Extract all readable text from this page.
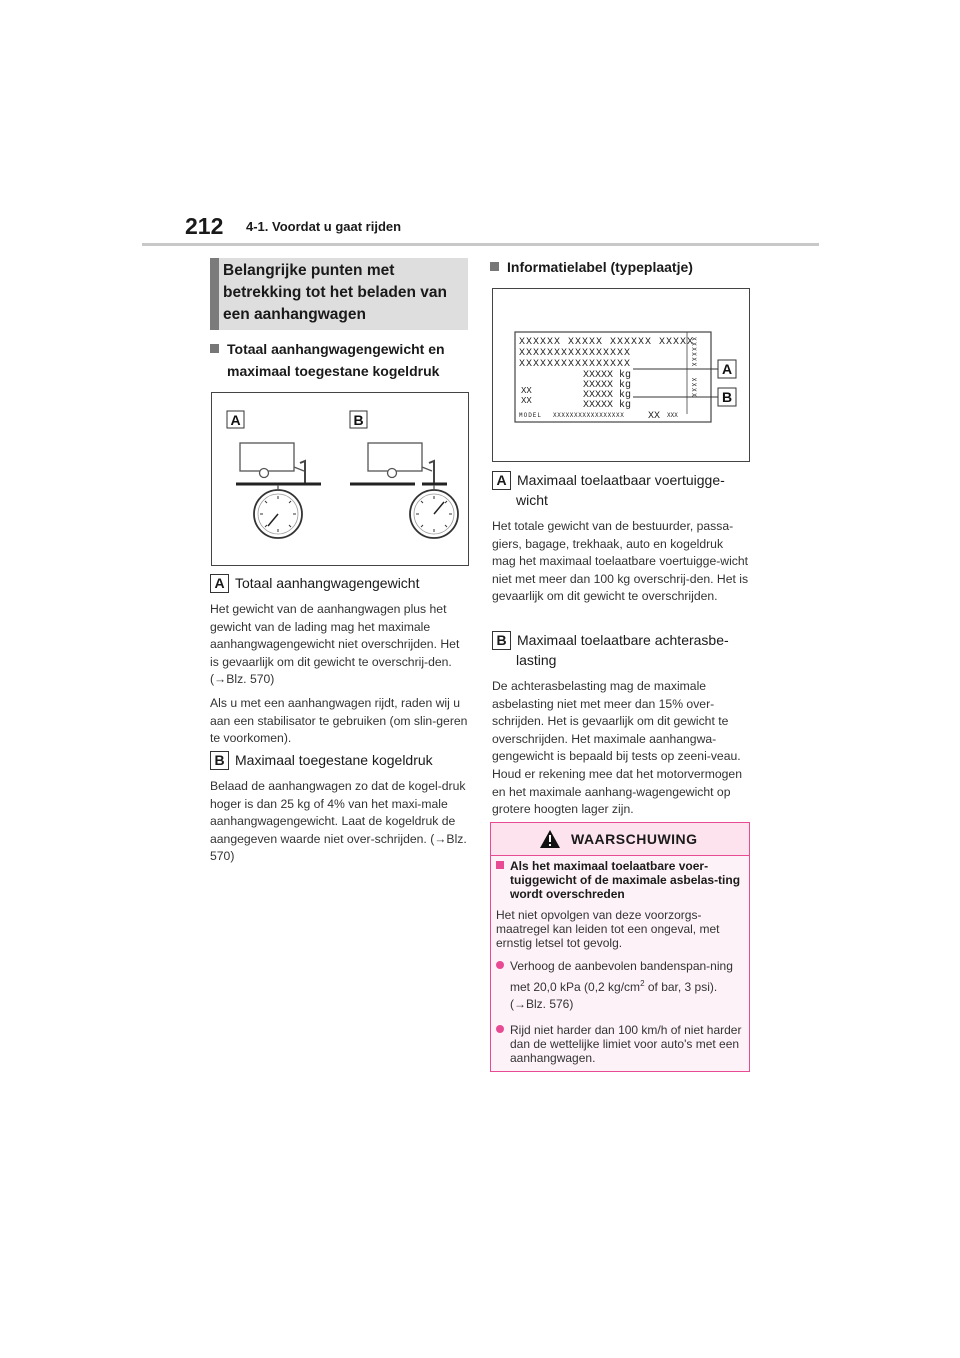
212 4-1. Voordat u gaat rijden
Belangrijke punten met betrekking tot het beladen van een aanhangwagen
Totaal aanhangwagengewicht en maximaal toegestane kogeldruk
A	B
A Totaal aanhangwagengewicht
Het gewicht van de aanhangwagen plus het gewicht van de lading mag het maximale aanhangwagengewicht niet overschrijden. Het is gevaarlijk om dit gewicht te overschrij-den. (→Blz. 570)
Als u met een aanhangwagen rijdt, raden wij u aan een stabilisator te gebruiken (om slin-geren te voorkomen).
B Maximaal toegestane kogeldruk
Belaad de aanhangwagen zo dat de kogel-druk hoger is dan 25 kg of 4% van het maxi-male aanhangwagengewicht. Laat de kogeldruk de aangegeven waarde niet over-schrijden. (→Blz. 570)
Informatielabel (typeplaatje)
XXXXXX XXXXX XXXXXX XXXXX
XXXXXXXXXXXXXXXX
XXXXXXXXXXXXXXXX
XXXXX kg
XXXXX kg
XXXXX kg
XXXXX kg
XX
XX
MODEL XXXXXXXXXXXXXXXXX XX XXX
XXXXXX  XXXX A
B
A Maximaal toelaatbaar voertuigge-wicht
Het totale gewicht van de bestuurder, passa-giers, bagage, trekhaak, auto en kogeldruk mag het maximaal toelaatbare voertuigge-wicht niet met meer dan 100 kg overschrij-den. Het is gevaarlijk om dit gewicht te overschrijden.
B Maximaal toelaatbare achterasbe-lasting
De achterasbelasting mag de maximale asbelasting niet met meer dan 15% over-schrijden. Het is gevaarlijk om dit gewicht te overschrijden. Het maximale aanhangwa-gengewicht is bepaald bij tests op zeeni-veau. Houd er rekening mee dat het motorvermogen en het maximale aanhang-wagengewicht op grotere hoogten lager zijn.
WAARSCHUWING
Als het maximaal toelaatbare voer-tuiggewicht of de maximale asbelas-ting wordt overschreden
Het niet opvolgen van deze voorzorgs-maatregel kan leiden tot een ongeval, met ernstig letsel tot gevolg.
Verhoog de aanbevolen bandenspan-ning met 20,0 kPa (0,2 $kg/cm^2$ of bar, 3 psi). (→Blz. 576)
Rijd niet harder dan 100 km/h of niet harder dan de wettelijke limiet voor auto's met een aanhangwagen.
